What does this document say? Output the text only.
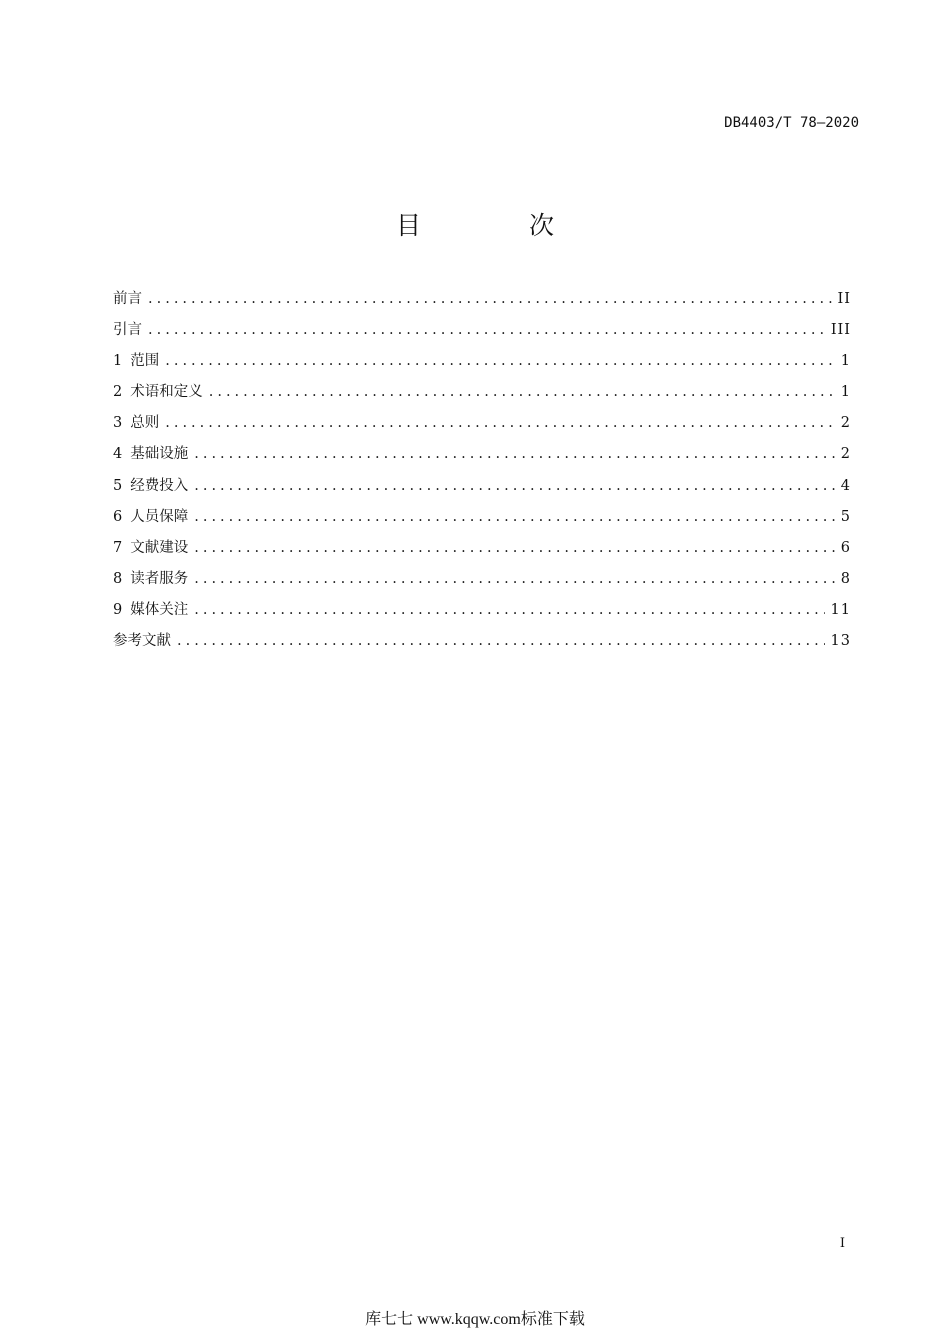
DB4403/T 78—2020
目 次
前言 .....	II
引言 .....	III
1 范围 .....	1
2 术语和定义 .....	1
3 总则 .....	2
4 基础设施 .....	2
5 经费投入 .....	4
6 人员保障 .....	5
7 文献建设 .....	6
8 读者服务 .....	8
9 媒体关注 .....	11
参考文献 .....	13
I
库七七 www.kqqw.com标准下载
